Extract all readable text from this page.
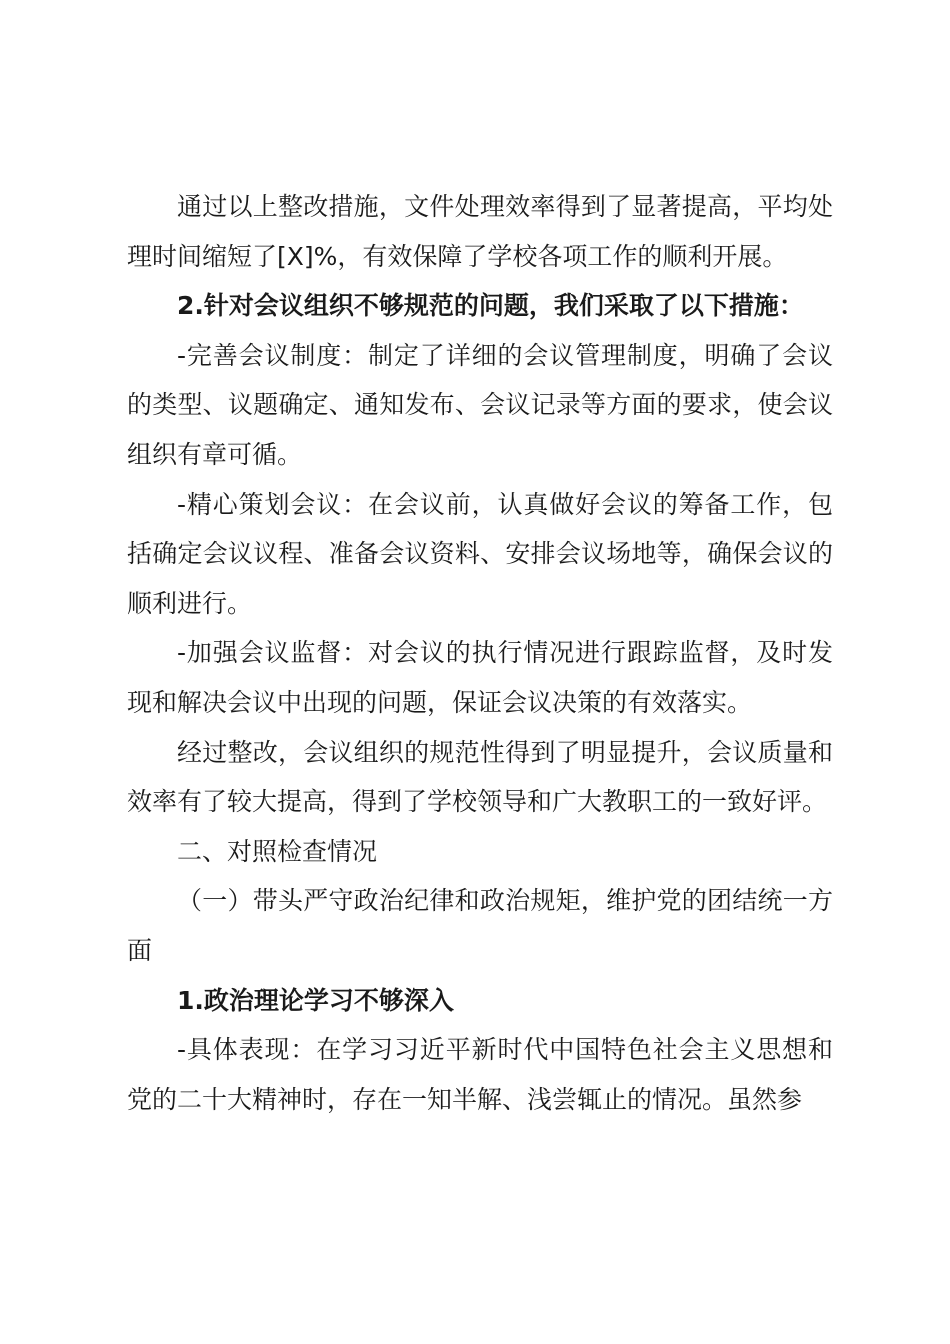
通过以上整改措施，文件处理效率得到了显著提高，平均处理时间缩短了[X]%，有效保障了学校各项工作的顺利开展。

2.针对会议组织不够规范的问题，我们采取了以下措施：

-完善会议制度：制定了详细的会议管理制度，明确了会议的类型、议题确定、通知发布、会议记录等方面的要求，使会议组织有章可循。

-精心策划会议：在会议前，认真做好会议的筹备工作，包括确定会议议程、准备会议资料、安排会议场地等，确保会议的顺利进行。

-加强会议监督：对会议的执行情况进行跟踪监督，及时发现和解决会议中出现的问题，保证会议决策的有效落实。

经过整改，会议组织的规范性得到了明显提升，会议质量和效率有了较大提高，得到了学校领导和广大教职工的一致好评。

二、对照检查情况

（一）带头严守政治纪律和政治规矩，维护党的团结统一方面

1.政治理论学习不够深入

-具体表现：在学习习近平新时代中国特色社会主义思想和党的二十大精神时，存在一知半解、浅尝辄止的情况。虽然参
